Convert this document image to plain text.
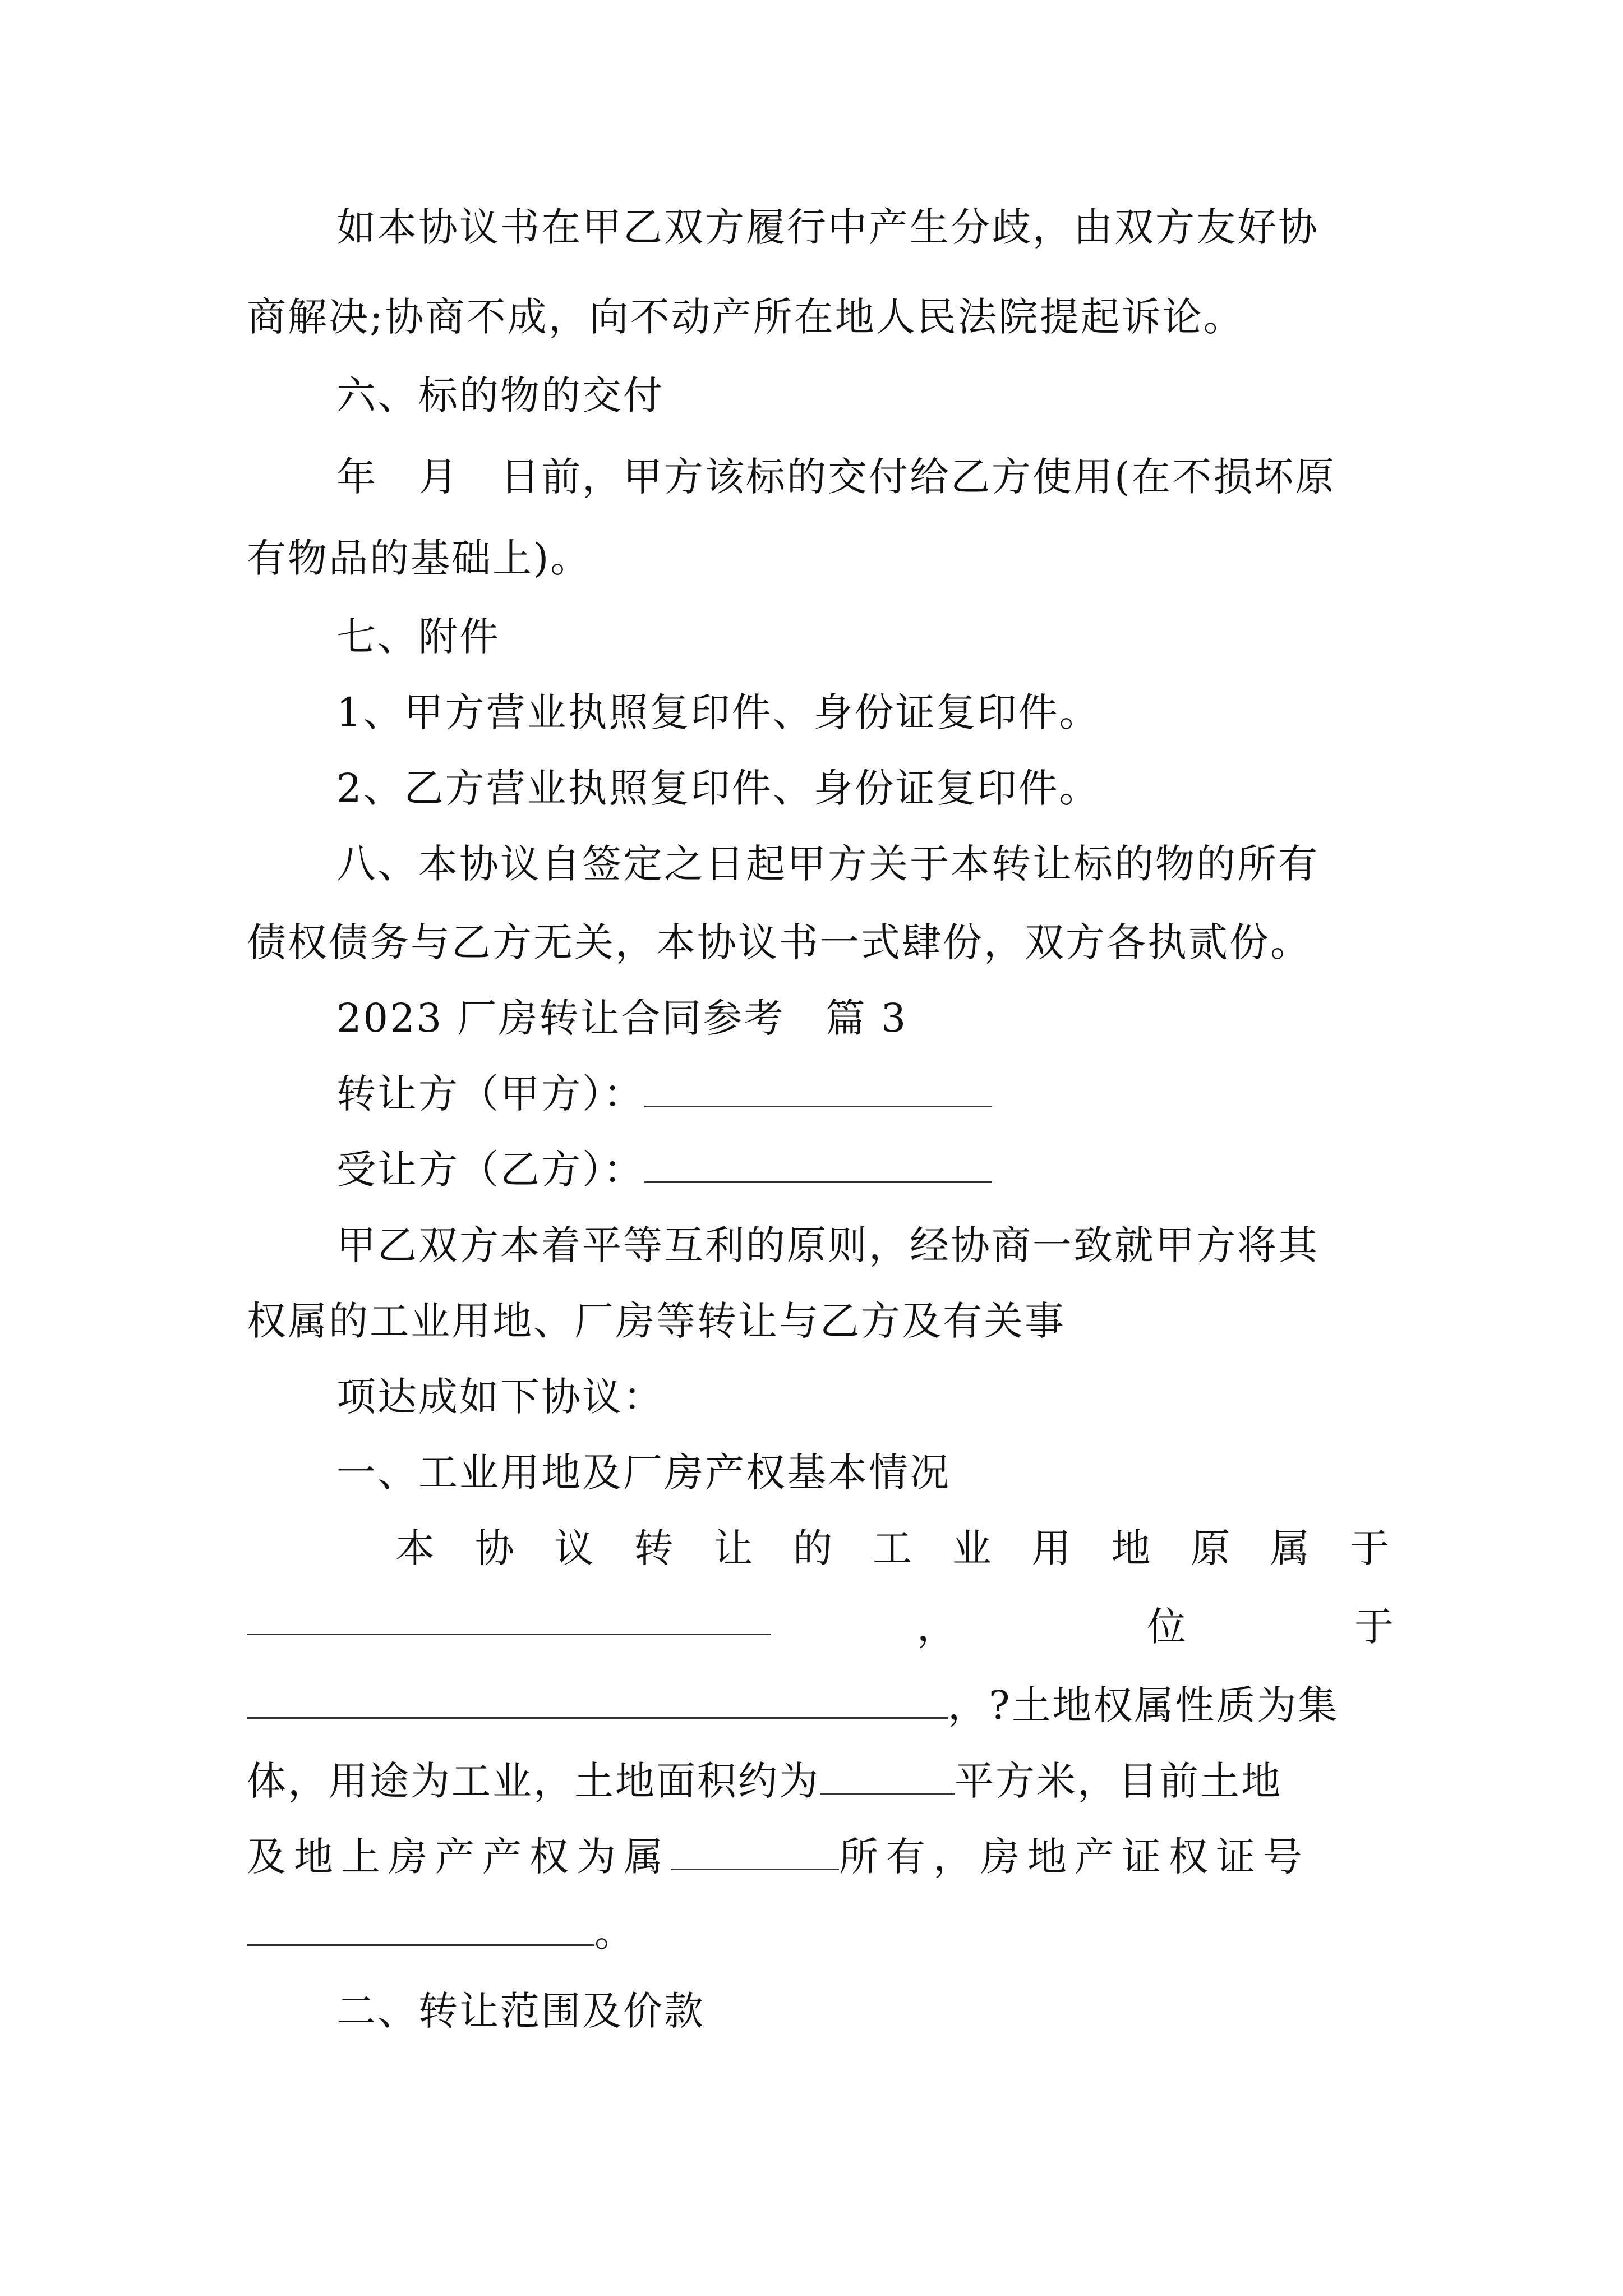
如本协议书在甲乙双方履行中产生分歧，由双方友好协
商解决;协商不成，向不动产所在地人民法院提起诉论。
六、标的物的交付
年　月　日前，甲方该标的交付给乙方使用(在不损坏原
有物品的基础上)。
七、附件
1、甲方营业执照复印件、身份证复印件。
2、乙方营业执照复印件、身份证复印件。
八、本协议自签定之日起甲方关于本转让标的物的所有
债权债务与乙方无关，本协议书一式肆份，双方各执贰份。
2023 厂房转让合同参考　篇 3
转让方（甲方）：
受让方（乙方）：
甲乙双方本着平等互利的原则，经协商一致就甲方将其
权属的工业用地、厂房等转让与乙方及有关事
项达成如下协议：
一、工业用地及厂房产权基本情况
本 协 议 转 让 的 工 业 用 地 原 属 于
，	位	于
，?土地权属性质为集
体，用途为工业，土地面积约为	平方米，目前土地
及地上房产产权为属	所有，房地产证权证号
。
二、转让范围及价款
